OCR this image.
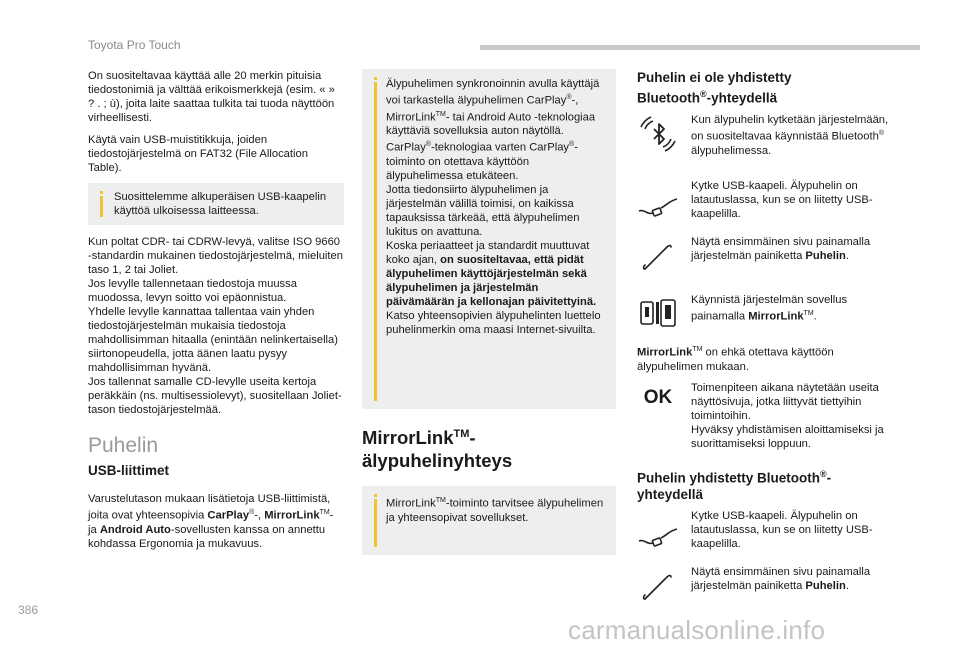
Toyota Pro Touch

On suositeltavaa käyttää alle 20 merkin pituisia tiedostonimiä ja välttää erikoismerkkejä (esim. « » ? . ; ù), joita laite saattaa tulkita tai tuoda näyttöön virheellisesti.

Käytä vain USB-muistitikkuja, joiden tiedostojärjestelmä on FAT32 (File Allocation Table).

Suosittelemme alkuperäisen USB-kaapelin käyttöä ulkoisessa laitteessa.

Kun poltat CDR- tai CDRW-levyä, valitse ISO 9660 -standardin mukainen tiedostojärjestelmä, mieluiten taso 1, 2 tai Joliet.

Jos levylle tallennetaan tiedostoja muussa muodossa, levyn soitto voi epäonnistua.

Yhdelle levylle kannattaa tallentaa vain yhden tiedostojärjestelmän mukaisia tiedostoja mahdollisimman hitaalla (enintään nelinkertaisella) siirtonopeudella, jotta äänen laatu pysyy mahdollisimman hyvänä.

Jos tallennat samalle CD-levylle useita kertoja peräkkäin (ns. multisessiolevyt), suositellaan Joliet-tason tiedostojärjestelmää.

Puhelin
USB-liittimet

Varustelutason mukaan lisätietoja USB-liittimistä, joita ovat yhteensopivia CarPlay®-, MirrorLink™- ja Android Auto-sovellusten kanssa on annettu kohdassa Ergonomia ja mukavuus.

Älypuhelimen synkronoinnin avulla käyttäjä voi tarkastella älypuhelimen CarPlay®-, MirrorLink™- tai Android Auto -teknologiaa käyttäviä sovelluksia auton näytöllä. CarPlay®-teknologiaa varten CarPlay®-toiminto on otettava käyttöön älypuhelimessa etukäteen.
Jotta tiedonsiirto älypuhelimen ja järjestelmän välillä toimisi, on kaikissa tapauksissa tärkeää, että älypuhelimen lukitus on avattuna.
Koska periaatteet ja standardit muuttuvat koko ajan, on suositeltavaa, että pidät älypuhelimen käyttöjärjestelmän sekä älypuhelimen ja järjestelmän päivämäärän ja kellonajan päivitettyinä.
Katso yhteensopivien älypuhelinten luettelo puhelinmerkin oma maasi Internet-sivuilta.
MirrorLink™-
älypuhelinyhteys
MirrorLink™-toiminto tarvitsee älypuhelimen ja yhteensopivat sovellukset.
Puhelin ei ole yhdistetty
Bluetooth®-yhteydellä
Kun älypuhelin kytketään järjestelmään, on suositeltavaa käynnistää Bluetooth® älypuhelimessa.
Kytke USB-kaapeli. Älypuhelin on latautuslassa, kun se on liitetty USB-kaapelilla.
Näytä ensimmäinen sivu painamalla järjestelmän painiketta Puhelin.
Käynnistä järjestelmän sovellus painamalla MirrorLink™.
MirrorLink™ on ehkä otettava käyttöön älypuhelimen mukaan.
OK	Toimenpiteen aikana näytetään useita näyttösivuja, jotka liittyvät tiettyihin toimintoihin.
Hyväksy yhdistämisen aloittamiseksi ja suorittamiseksi loppuun.
Puhelin yhdistetty Bluetooth®-
yhteydellä
Kytke USB-kaapeli. Älypuhelin on latautuslassa, kun se on liitetty USB-kaapelilla.
Näytä ensimmäinen sivu painamalla järjestelmän painiketta Puhelin.
386
carmanualsonline.info
